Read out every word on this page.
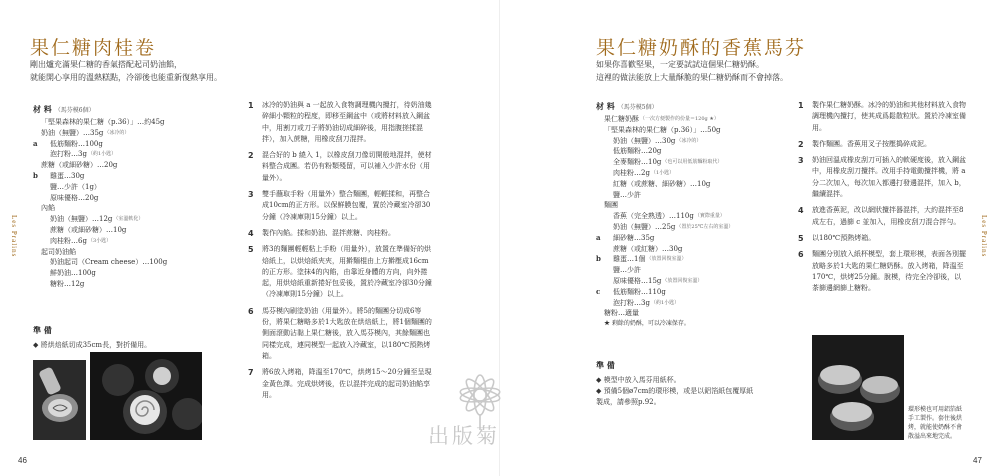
果仁糖肉桂卷
剛出爐充滿果仁糖的香氣搭配起司奶油餡，
就能開心享用的溫熱糕點，冷卻後也能重新復熱享用。
材 料 （馬芬模6個）
「堅果森林的果仁糖（p.36）」…約45g
奶油（無鹽）…35g （冰冷的）
a	低筋麵粉…100g
泡打粉…3g （約1小匙）
蔗糖（或細砂糖）…20g
b	雞蛋…30g
鹽…少許（1g）
原味優格…20g
內餡
奶油（無鹽）…12g （室溫軟化）
蔗糖（或細砂糖）…10g
肉桂粉…6g （3小匙）
起司奶油餡
奶油起司（Cream cheese）…100g
鮮奶油…100g
糖粉…12g
準 備
◆ 將烘焙紙切成35cm長，對折備用。
1	冰冷的奶油與 a 一起放入食物調理機內攪打，待奶油幾碎細小顆粒的程度，即移至鋼盆中（或將材料放入鋼盆中，用割刀或刀子將奶油切成細碎後，用指腹搓揉混拌），加入蔗糖，用橡皮刮刀混拌。
2	混合好的 b 繞入 1，以橡皮刮刀像切開般地混拌，使材料整合成團。若仍有粉類殘留，可以補入少許水份（用量外）。
3	雙手蘸取手粉（用量外）整合麵團，輕輕揉和，再整合成10cm的正方形。以保鮮膜包覆，置於冷藏室冷卻30分鐘（冷凍庫則15分鐘）以上。
4	製作內餡。揉和奶油、混拌蔗糖、肉桂粉。
5	將3的麵團輕輕粘上手粉（用量外），放置在準備好的烘焙紙上，以烘焙紙夾夾，用擀麵棍由上方擀壓成16cm的正方形。塗抹4的內餡，由靠近身體的方向，向外捲起，用烘焙紙重新捲好包妥後，置於冷藏室冷卻30分鐘（冷凍庫則15分鐘）以上。
6	馬芬模內刷塗奶油（用量外）。將5的麵團分切成6等份，將果仁糖略多於1大匙放在烘焙紙上，將1個麵團的側面滾動沾黏上果仁糖後，放入馬芬模內，其餘麵團也同樣完成，連同模型一起放入冷藏室，以180℃預熱烤箱。
7	將6放入烤箱，降溫至170℃，烘烤15～20分鐘至呈現金黃色澤。完成烘烤後，佐以混拌完成的起司奶油餡享用。
Les Pralins
46
果仁糖奶酥的香蕉馬芬
如果你喜歡堅果，一定要試試這個果仁糖奶酥。
這裡的做法能放上大量酥脆的果仁糖奶酥而不會掉落。
材 料 （馬芬模5個）
果仁糖奶酥 （一次方便製作的份量＝120g ★）
「堅果森林的果仁糖（p.36）」…50g
奶油（無鹽）…30g （冰冷的）
低筋麵粉…20g
全麥麵粉…10g （也可以用低筋麵粉取代）
肉桂粉…2g （1小匙）
紅糖（或蔗糖、細砂糖）…10g
鹽…少許
麵團
香蕉（完全熟透）…110g （實際重量）
奶油（無鹽）…25g （置於25℃左右的室溫）
a	細砂糖…35g
蔗糖（或紅糖）…30g
b	雞蛋…1個 （放置回復室溫）
鹽…少許
原味優格…15g （放置回復室溫）
c	低筋麵粉…110g
泡打粉…3g （約1小匙）
糖粉…適量
★ 剩餘的奶酥，可以冷凍保存。
準 備
◆ 模型中放入馬芬用紙杯。
◆ 預備5個ø7cm的環形模，或是以鋁箔紙包覆厚紙製成，請參照p.92。
1	製作果仁糖奶酥。冰冷的奶油和其他材料放入食物調理機內攪打，使其成爲鬆散粒狀。置於冷凍室備用。
2	製作麵團。香蕉用叉子按壓搗碎成泥。
3	奶油回溫成橡皮刮刀可插入的軟硬度後，放入鋼盆中，用橡皮刮刀攪拌。改用手持電動攪拌機，將 a 分二次加入，每次加入都邊打發邊混拌，加入 b，繼續混拌。
4	放進香蕉泥，改以網狀攪拌器混拌，大約混拌至8成左右，過篩 c 並加入，用橡皮刮刀混合拌勻。
5	以180℃預熱烤箱。
6	麵團分別放入紙杯模型，套上環形模，表面各別擺放略多於1大匙的果仁糖奶酥。放入烤箱，降溫至170℃，烘烤25分鐘。脫模，待完全冷卻後，以茶篩邊網篩上糖粉。
環形模也可用鋁箔紙
手工製作。套住後烘
烤，就能使奶酥不會
散溢出來地完成。
Les Pralins
47
出版菊
